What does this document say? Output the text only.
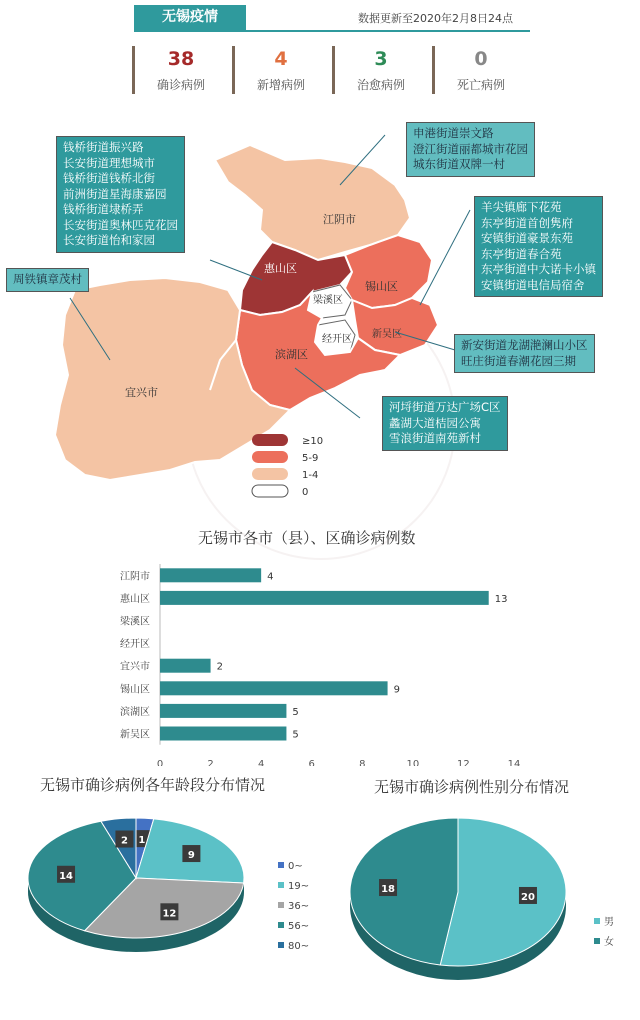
无锡疫情	数据更新至2020年2月8日24点
38
确诊病例
4
新增病例
3
治愈病例
0
死亡病例
江阴市
惠山区
锡山区
梁溪区
经开区 新吴区
滨湖区
宜兴市
≥10
5-9
1-4
0
钱桥街道振兴路
长安街道理想城市
钱桥街道钱桥北街
前洲街道星海康嘉园
钱桥街道埭桥弄
长安街道奥林匹克花园
长安街道怡和家园
申港街道崇文路
澄江街道丽都城市花园
城东街道双牌一村
周铁镇章茂村
羊尖镇廊下花苑
东亭街道首创隽府
安镇街道豪景东苑
东亭街道春合苑
东亭街道中大诺卡小镇
安镇街道电信局宿舍
新安街道龙湖滟澜山小区
旺庄街道春潮花园三期
河埒街道万达广场C区
蠡湖大道桔园公寓
雪浪街道南苑新村
无锡市各市（县）、区确诊病例数
江阴市	4
惠山区	13
梁溪区
经开区
宜兴市	2
锡山区	9
滨湖区	5
新吴区	5
0	2	4	6	8	10	12	14
无锡市确诊病例各年龄段分布情况	无锡市确诊病例性别分布情况
1
9
12
14
2
0~
19~
36~
56~
80~
20
18
男
女
